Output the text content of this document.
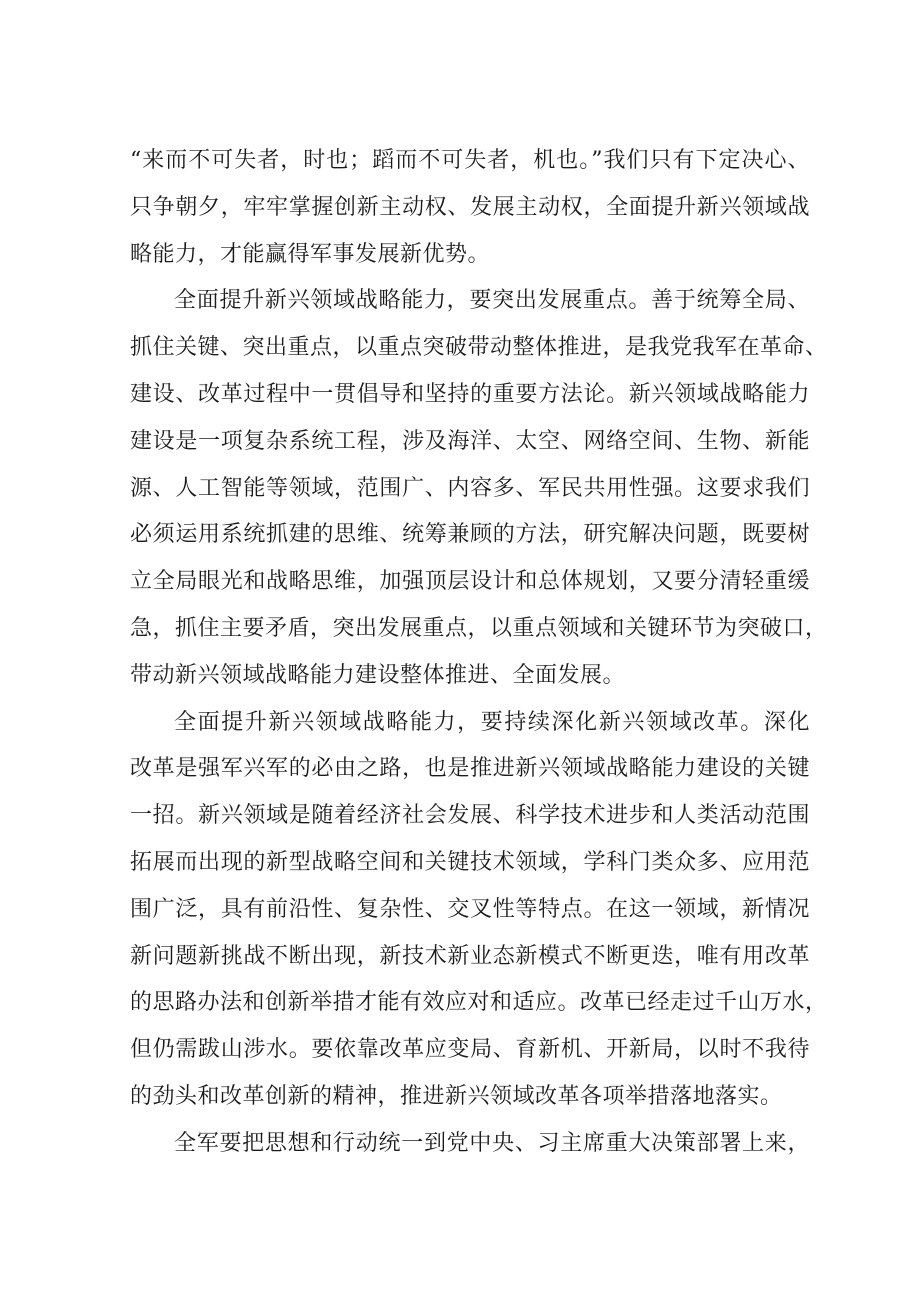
“来而不可失者，时也；蹈而不可失者，机也。”我们只有下定决心、
只争朝夕，牢牢掌握创新主动权、发展主动权，全面提升新兴领域战
略能力，才能赢得军事发展新优势。
全面提升新兴领域战略能力，要突出发展重点。善于统筹全局、
抓住关键、突出重点，以重点突破带动整体推进，是我党我军在革命、
建设、改革过程中一贯倡导和坚持的重要方法论。新兴领域战略能力
建设是一项复杂系统工程，涉及海洋、太空、网络空间、生物、新能
源、人工智能等领域，范围广、内容多、军民共用性强。这要求我们
必须运用系统抓建的思维、统筹兼顾的方法，研究解决问题，既要树
立全局眼光和战略思维，加强顶层设计和总体规划，又要分清轻重缓
急，抓住主要矛盾，突出发展重点，以重点领域和关键环节为突破口，
带动新兴领域战略能力建设整体推进、全面发展。
全面提升新兴领域战略能力，要持续深化新兴领域改革。深化
改革是强军兴军的必由之路，也是推进新兴领域战略能力建设的关键
一招。新兴领域是随着经济社会发展、科学技术进步和人类活动范围
拓展而出现的新型战略空间和关键技术领域，学科门类众多、应用范
围广泛，具有前沿性、复杂性、交叉性等特点。在这一领域，新情况
新问题新挑战不断出现，新技术新业态新模式不断更迭，唯有用改革
的思路办法和创新举措才能有效应对和适应。改革已经走过千山万水，
但仍需跋山涉水。要依靠改革应变局、育新机、开新局，以时不我待
的劲头和改革创新的精神，推进新兴领域改革各项举措落地落实。
全军要把思想和行动统一到党中央、习主席重大决策部署上来，
